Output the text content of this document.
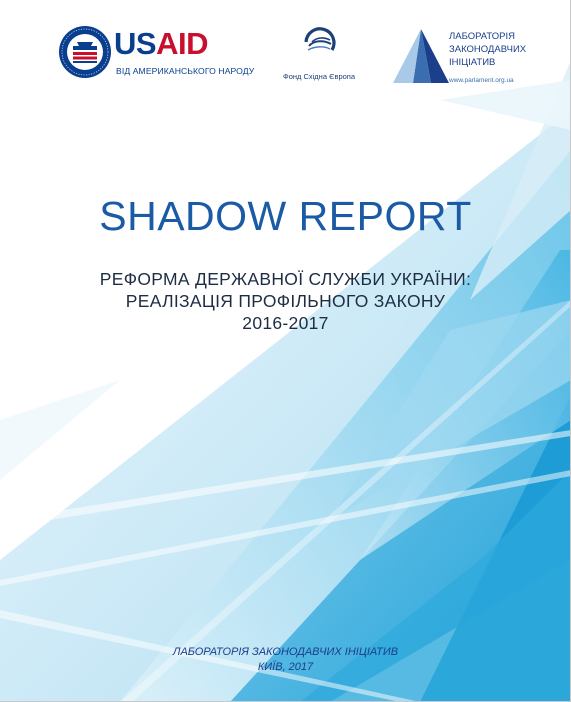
USAID
ВІД АМЕРИКАНСЬКОГО НАРОДУ
Фонд Східна Європа
ЛАБОРАТОРІЯ
ЗАКОНОДАВЧИХ
ІНІЦІАТИВ
www.parlament.org.ua
SHADOW REPORT
РЕФОРМА ДЕРЖАВНОЇ СЛУЖБИ УКРАЇНИ:
РЕАЛІЗАЦІЯ ПРОФІЛЬНОГО ЗАКОНУ
2016-2017
ЛАБОРАТОРІЯ ЗАКОНОДАВЧИХ ІНІЦІАТИВ
КИЇВ, 2017
